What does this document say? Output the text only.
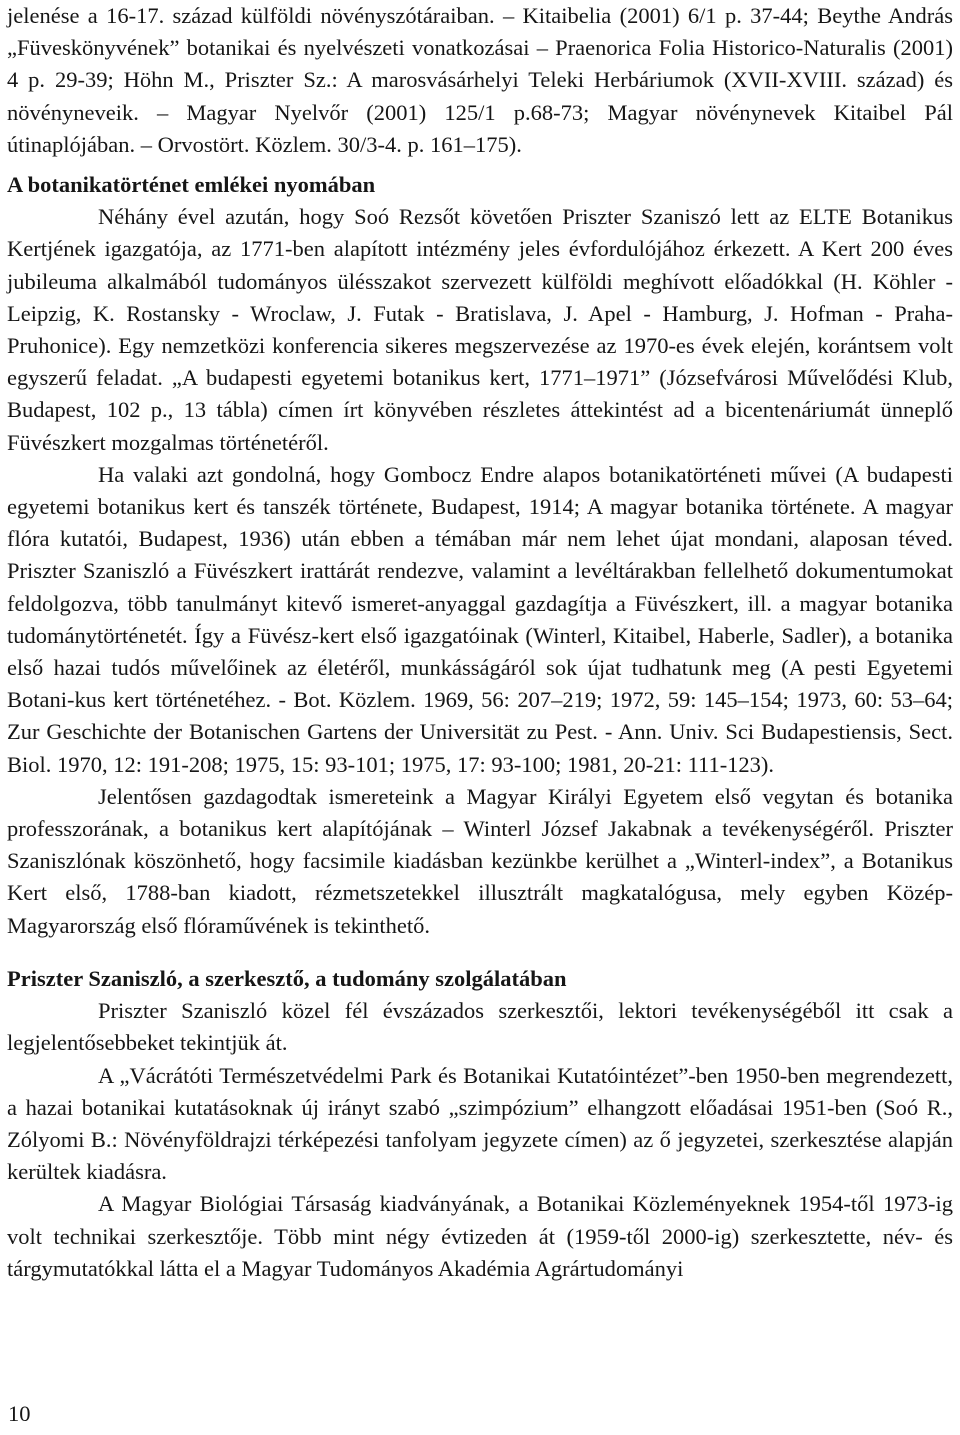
jelenése a 16-17. század külföldi növényszótáraiban. – Kitaibelia (2001) 6/1 p. 37-44; Beythe András „Füveskönyvének” botanikai és nyelvészeti vonatkozásai – Praenorica Folia Historico-Naturalis (2001) 4 p. 29-39; Höhn M., Priszter Sz.: A marosvásárhelyi Teleki Herbáriumok (XVII-XVIII. század) és növényneveik. – Magyar Nyelvőr (2001) 125/1 p.68-73; Magyar növénynevek Kitaibel Pál útinaplójában. – Orvostört. Közlem. 30/3-4. p. 161–175).

A botanikatörténet emlékei nyomában

Néhány ével azután, hogy Soó Rezsőt követően Priszter Szaniszó lett az ELTE Botanikus Kertjének igazgatója, az 1771-ben alapított intézmény jeles évfordulójához érkezett. A Kert 200 éves jubileuma alkalmából tudományos ülésszakot szervezett külföldi meghívott előadókkal (H. Köhler - Leipzig, K. Rostansky - Wroclaw, J. Futak - Bratislava, J. Apel - Hamburg, J. Hofman - Praha-Pruhonice). Egy nemzetközi konferencia sikeres megszervezése az 1970-es évek elején, korántsem volt egyszerű feladat. „A budapesti egyetemi botanikus kert, 1771–1971” (Józsefvárosi Művelődési Klub, Budapest, 102 p., 13 tábla) címen írt könyvében részletes áttekintést ad a bicentenáriumát ünneplő Füvészkert mozgalmas történetéről.

Ha valaki azt gondolná, hogy Gombocz Endre alapos botanikatörténeti művei (A budapesti egyetemi botanikus kert és tanszék története, Budapest, 1914; A magyar botanika története. A magyar flóra kutatói, Budapest, 1936) után ebben a témában már nem lehet újat mondani, alaposan téved. Priszter Szaniszló a Füvészkert irattárát rendezve, valamint a levéltárakban fellelhető dokumentumokat feldolgozva, több tanulmányt kitevő ismeret-anyaggal gazdagítja a Füvészkert, ill. a magyar botanika tudománytörténetét. Így a Füvész-kert első igazgatóinak (Winterl, Kitaibel, Haberle, Sadler), a botanika első hazai tudós művelőinek az életéről, munkásságáról sok újat tudhatunk meg (A pesti Egyetemi Botani-kus kert történetéhez. - Bot. Közlem. 1969, 56: 207–219; 1972, 59: 145–154; 1973, 60: 53–64; Zur Geschichte der Botanischen Gartens der Universität zu Pest. - Ann. Univ. Sci Budapestiensis, Sect. Biol. 1970, 12: 191-208; 1975, 15: 93-101; 1975, 17: 93-100; 1981, 20-21: 111-123).

Jelentősen gazdagodtak ismereteink a Magyar Királyi Egyetem első vegytan és botanika professzorának, a botanikus kert alapítójának – Winterl József Jakabnak a tevékenységéről. Priszter Szaniszlónak köszönhető, hogy facsimile kiadásban kezünkbe kerülhet a „Winterl-index”, a Botanikus Kert első, 1788-ban kiadott, rézmetszetekkel illusztrált magkatalógusa, mely egyben Közép-Magyarország első flóraművének is tekinthető.

Priszter Szaniszló, a szerkesztő, a tudomány szolgálatában

Priszter Szaniszló közel fél évszázados szerkesztői, lektori tevékenységéből itt csak a legjelentősebbeket tekintjük át.

A „Vácrátóti Természetvédelmi Park és Botanikai Kutatóintézet”-ben 1950-ben megrendezett, a hazai botanikai kutatásoknak új irányt szabó „szimpózium” elhangzott előadásai 1951-ben (Soó R., Zólyomi B.: Növényföldrajzi térképezési tanfolyam jegyzete címen) az ő jegyzetei, szerkesztése alapján kerültek kiadásra.

A Magyar Biológiai Társaság kiadványának, a Botanikai Közleményeknek 1954-től 1973-ig volt technikai szerkesztője. Több mint négy évtizeden át (1959-től 2000-ig) szerkesztette, név- és tárgymutatókkal látta el a Magyar Tudományos Akadémia Agrártudományi

10
